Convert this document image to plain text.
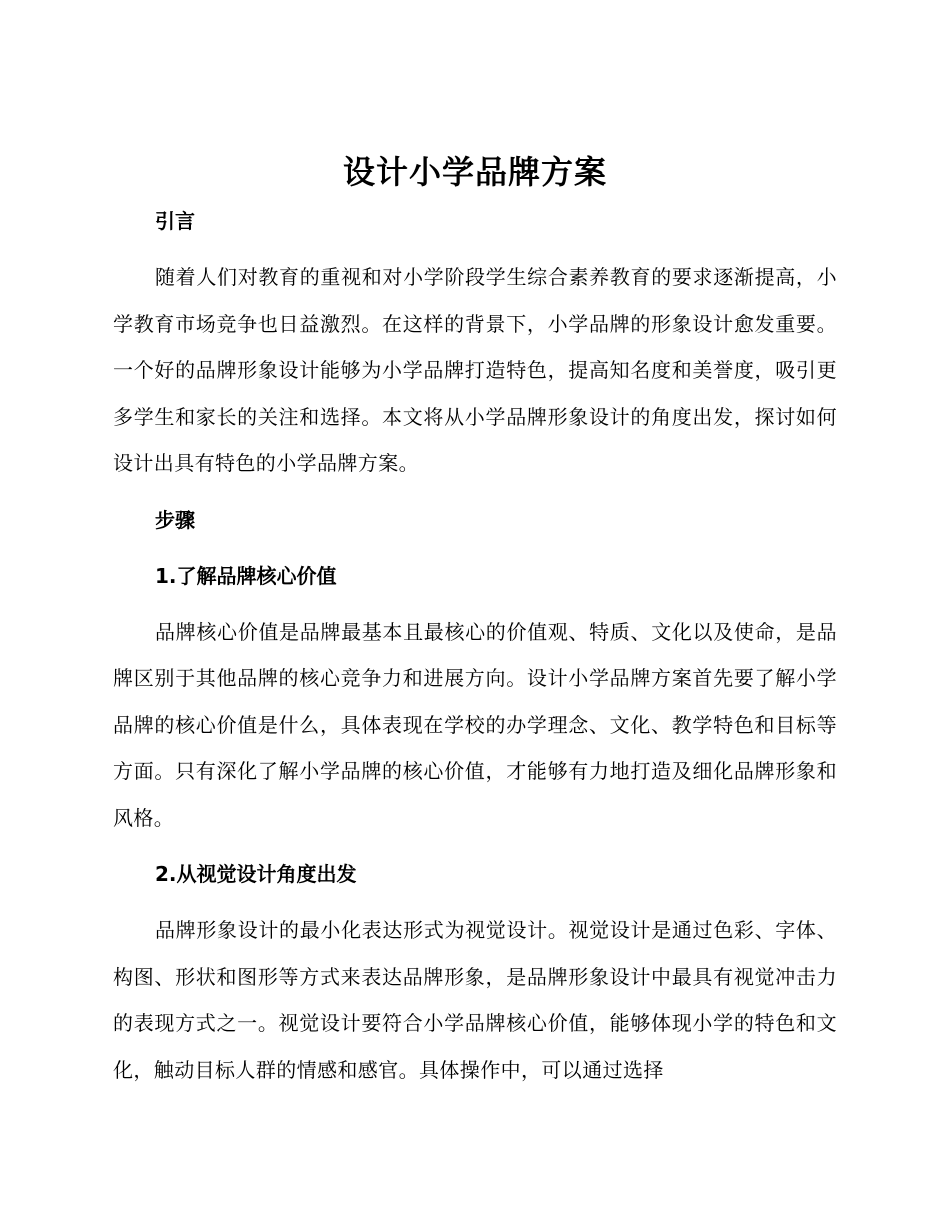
设计小学品牌方案
引言

随着人们对教育的重视和对小学阶段学生综合素养教育的要求逐渐提高，小学教育市场竞争也日益激烈。在这样的背景下，小学品牌的形象设计愈发重要。一个好的品牌形象设计能够为小学品牌打造特色，提高知名度和美誉度，吸引更多学生和家长的关注和选择。本文将从小学品牌形象设计的角度出发，探讨如何设计出具有特色的小学品牌方案。

步骤
1.了解品牌核心价值

品牌核心价值是品牌最基本且最核心的价值观、特质、文化以及使命，是品牌区别于其他品牌的核心竞争力和进展方向。设计小学品牌方案首先要了解小学品牌的核心价值是什么，具体表现在学校的办学理念、文化、教学特色和目标等方面。只有深化了解小学品牌的核心价值，才能够有力地打造及细化品牌形象和风格。

2.从视觉设计角度出发

品牌形象设计的最小化表达形式为视觉设计。视觉设计是通过色彩、字体、构图、形状和图形等方式来表达品牌形象，是品牌形象设计中最具有视觉冲击力的表现方式之一。视觉设计要符合小学品牌核心价值，能够体现小学的特色和文化，触动目标人群的情感和感官。具体操作中，可以通过选择
